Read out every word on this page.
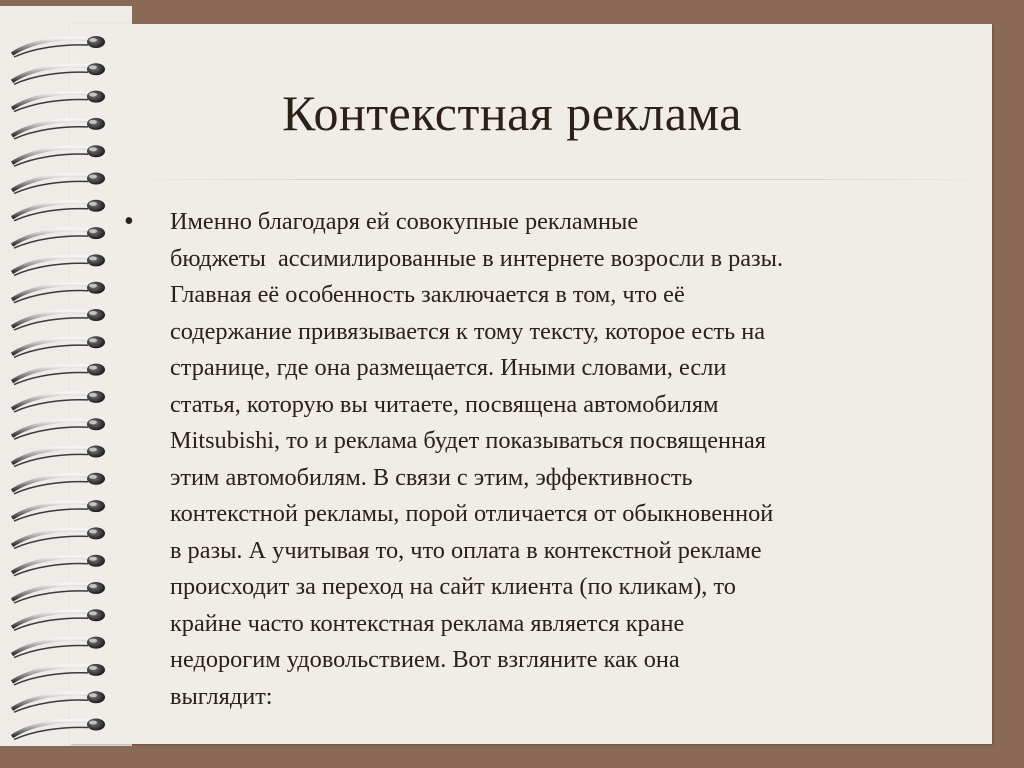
Контекстная реклама
•	Именно благодаря ей совокупные рекламные
бюджеты  ассимилированные в интернете возросли в разы.
Главная её особенность заключается в том, что её
содержание привязывается к тому тексту, которое есть на
странице, где она размещается. Иными словами, если
статья, которую вы читаете, посвящена автомобилям
Mitsubishi, то и реклама будет показываться посвященная
этим автомобилям. В связи с этим, эффективность
контекстной рекламы, порой отличается от обыкновенной
в разы. А учитывая то, что оплата в контекстной рекламе
происходит за переход на сайт клиента (по кликам), то
крайне часто контекстная реклама является кране
недорогим удовольствием. Вот взгляните как она
выглядит:
